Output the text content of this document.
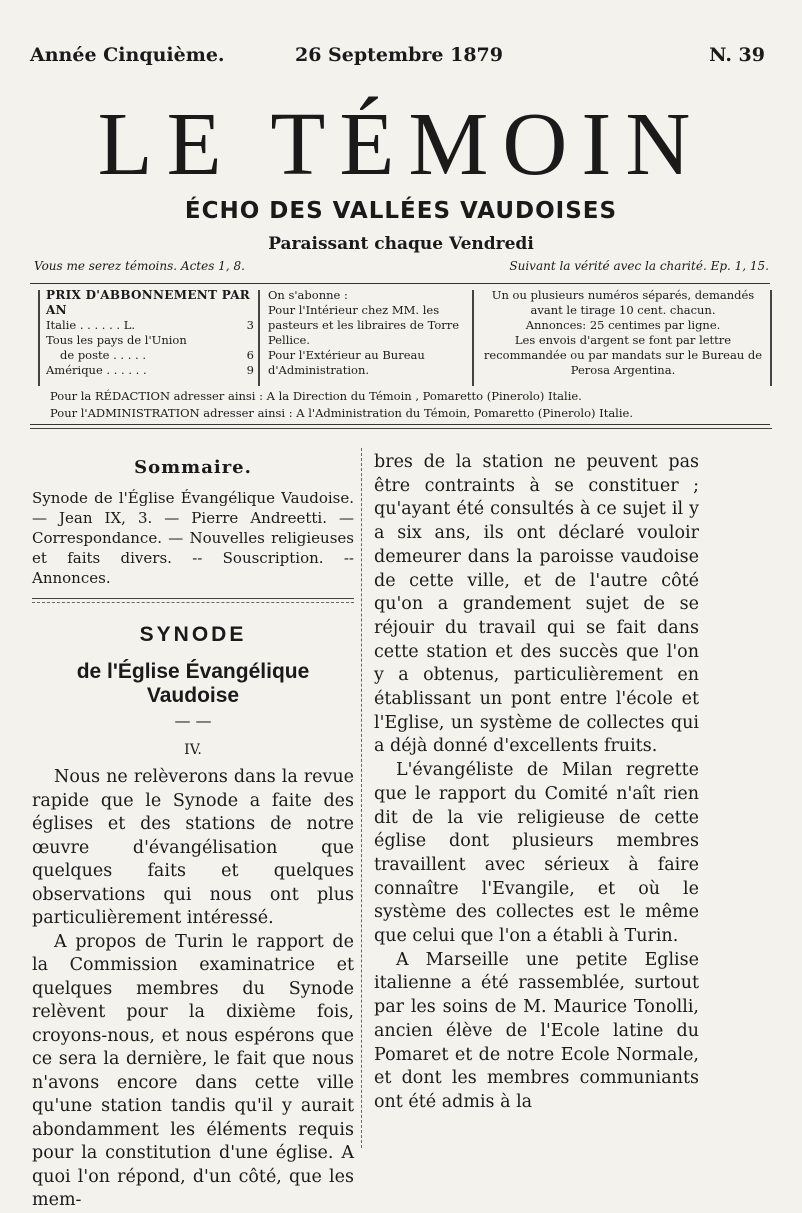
Année Cinquième.	26 Septembre 1879	N. 39
LE TÉMOIN
ÉCHO DES VALLÉES VAUDOISES
Paraissant chaque Vendredi
Vous me serez témoins. Actes 1, 8.	Suivant la vérité avec la charité. Ep. 1, 15.
PRIX D'ABBONNEMENT PAR AN
Italie . . . . . . L.	3
Tous les pays de l'Union
de poste . . . . .	6
Amérique . . . . . .	9
On s'abonne :
Pour l'Intérieur chez MM. les pasteurs et les libraires de Torre Pellice.
Pour l'Extérieur au Bureau d'Administration.
Un ou plusieurs numéros séparés, demandés avant le tirage 10 cent. chacun.
Annonces: 25 centimes par ligne.
Les envois d'argent se font par lettre recommandée ou par mandats sur le Bureau de Perosa Argentina.
Pour la RÉDACTION adresser ainsi : A la Direction du Témoin , Pomaretto (Pinerolo) Italie.
Pour l'ADMINISTRATION adresser ainsi : A l'Administration du Témoin, Pomaretto (Pinerolo) Italie.
Sommaire.
Synode de l'Église Évangélique Vaudoise. — Jean IX, 3. — Pierre Andreetti. — Correspondance. — Nouvelles religieuses et faits divers. -- Souscription. -- Annonces.
SYNODE
de l'Église Évangélique Vaudoise
— —
IV.

Nous ne relèverons dans la revue rapide que le Synode a faite des églises et des stations de notre œuvre d'évangélisation que quelques faits et quelques observations qui nous ont plus particulièrement intéressé.

A propos de Turin le rapport de la Commission examinatrice et quelques membres du Synode relèvent pour la dixième fois, croyons-nous, et nous espérons que ce sera la dernière, le fait que nous n'avons encore dans cette ville qu'une station tandis qu'il y aurait abondamment les éléments requis pour la constitution d'une église. A quoi l'on répond, d'un côté, que les mem-

bres de la station ne peuvent pas être contraints à se constituer ; qu'ayant été consultés à ce sujet il y a six ans, ils ont déclaré vouloir demeurer dans la paroisse vaudoise de cette ville, et de l'autre côté qu'on a grandement sujet de se réjouir du travail qui se fait dans cette station et des succès que l'on y a obtenus, particulièrement en établissant un pont entre l'école et l'Eglise, un système de collectes qui a déjà donné d'excellents fruits.

L'évangéliste de Milan regrette que le rapport du Comité n'aît rien dit de la vie religieuse de cette église dont plusieurs membres travaillent avec sérieux à faire connaître l'Evangile, et où le système des collectes est le même que celui que l'on a établi à Turin.

A Marseille une petite Eglise italienne a été rassemblée, surtout par les soins de M. Maurice Tonolli, ancien élève de l'Ecole latine du Pomaret et de notre Ecole Normale, et dont les membres communiants ont été admis à la
